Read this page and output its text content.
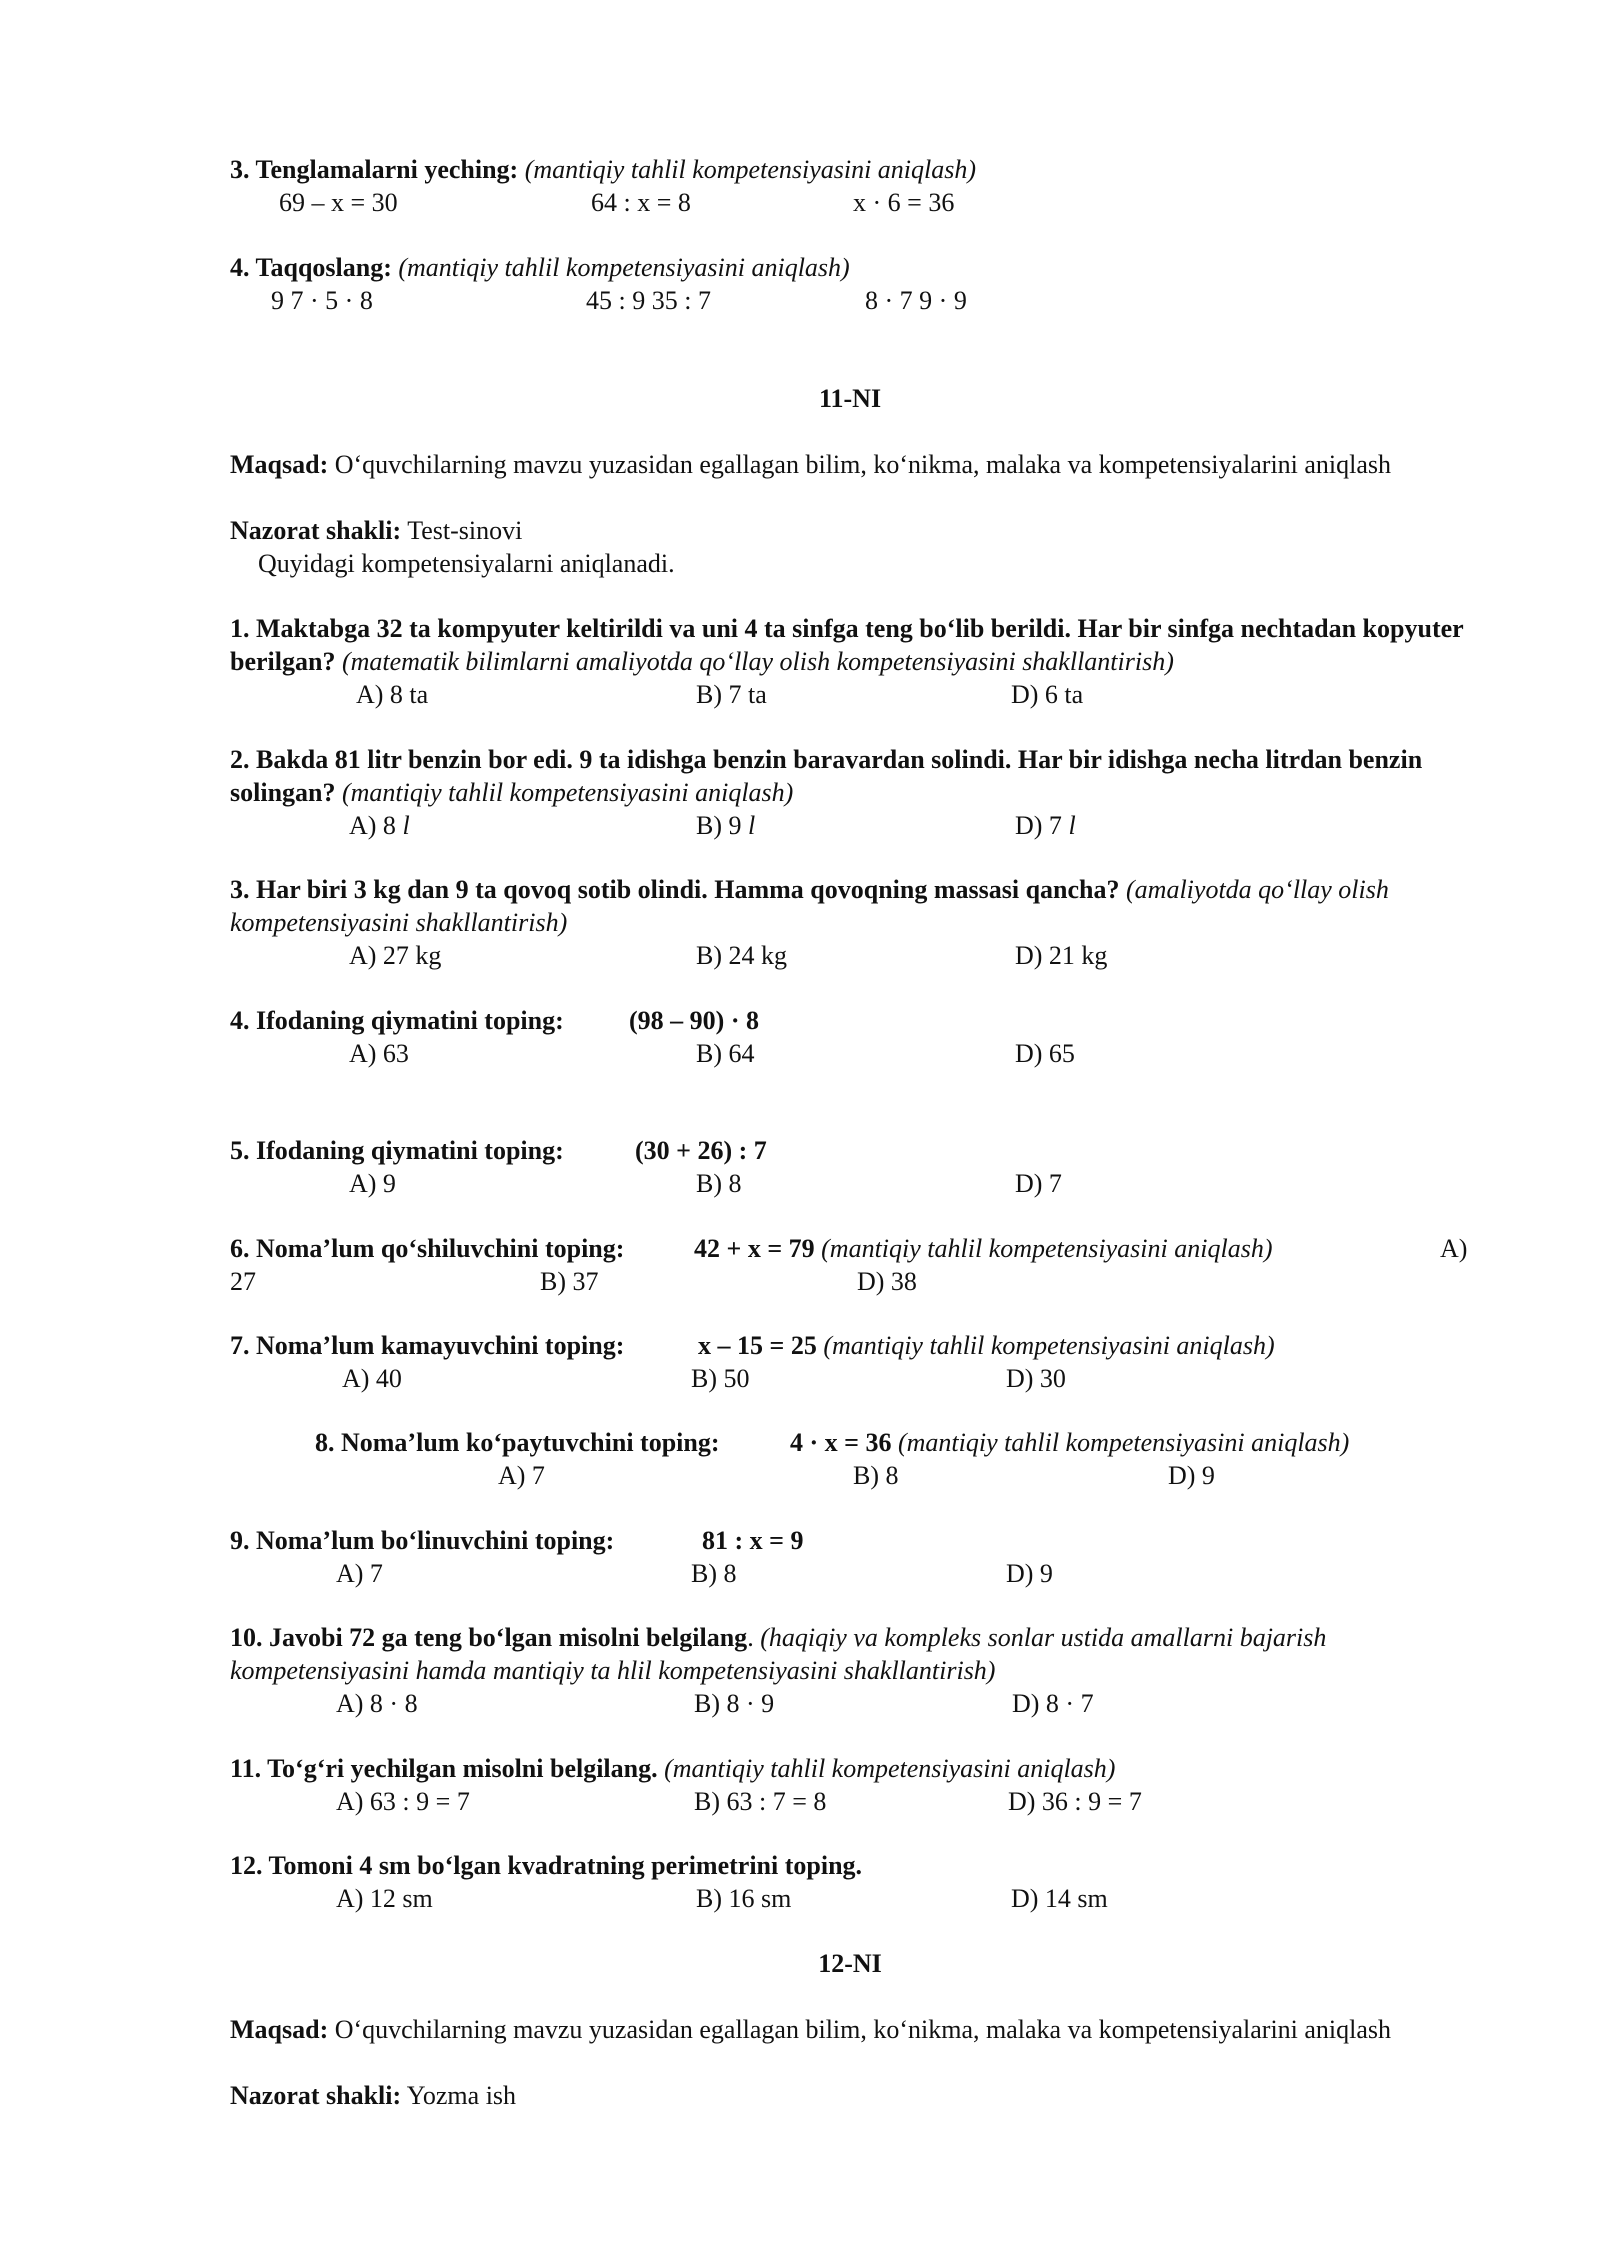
3. Tenglamalarni yeching: (mantiqiy tahlil kompetensiyasini aniqlash)
69 – x = 30	64 : x = 8	x · 6 = 36
4. Taqqoslang: (mantiqiy tahlil kompetensiyasini aniqlash)
9 7 · 5 · 8	45 : 9 35 : 7	8 · 7 9 · 9
11-NI
Maqsad: O‘quvchilarning mavzu yuzasidan egallagan bilim, ko‘nikma, malaka va kompetensiyalarini aniqlash
Nazorat shakli: Test-sinovi
Quyidagi kompetensiyalarni aniqlanadi.
1. Maktabga 32 ta kompyuter keltirildi va uni 4 ta sinfga teng bo‘lib berildi. Har bir sinfga nechtadan kopyuter berilgan? (matematik bilimlarni amaliyotda qo‘llay olish kompetensiyasini shakllantirish)
A) 8 ta	B) 7 ta	D) 6 ta
2. Bakda 81 litr benzin bor edi. 9 ta idishga benzin baravardan solindi. Har bir idishga necha litrdan benzin solingan? (mantiqiy tahlil kompetensiyasini aniqlash)
A) 8 l	B) 9 l	D) 7 l
3. Har biri 3 kg dan 9 ta qovoq sotib olindi. Hamma qovoqning massasi qancha? (amaliyotda qo‘llay olish kompetensiyasini shakllantirish)
A) 27 kg	B) 24 kg	D) 21 kg
4. Ifodaning qiymatini toping:	(98 – 90) · 8
A) 63	B) 64	D) 65
5. Ifodaning qiymatini toping:	(30 + 26) : 7
A) 9	B) 8	D) 7
6. Noma’lum qo‘shiluvchini toping:	42 + x = 79 (mantiqiy tahlil kompetensiyasini aniqlash)	A)
27	B) 37	D) 38
7. Noma’lum kamayuvchini toping:	x – 15 = 25 (mantiqiy tahlil kompetensiyasini aniqlash)
A) 40	B) 50	D) 30
8. Noma’lum ko‘paytuvchini toping:	4 · x = 36 (mantiqiy tahlil kompetensiyasini aniqlash)
A) 7	B) 8	D) 9
9. Noma’lum bo‘linuvchini toping:	81 : x = 9
A) 7	B) 8	D) 9
10. Javobi 72 ga teng bo‘lgan misolni belgilang. (haqiqiy va kompleks sonlar ustida amallarni bajarish kompetensiyasini hamda mantiqiy ta hlil kompetensiyasini shakllantirish)
A) 8 · 8	B) 8 · 9	D) 8 · 7
11. To‘g‘ri yechilgan misolni belgilang. (mantiqiy tahlil kompetensiyasini aniqlash)
A) 63 : 9 = 7	B) 63 : 7 = 8	D) 36 : 9 = 7
12. Tomoni 4 sm bo‘lgan kvadratning perimetrini toping.
A) 12 sm	B) 16 sm	D) 14 sm
12-NI
Maqsad: O‘quvchilarning mavzu yuzasidan egallagan bilim, ko‘nikma, malaka va kompetensiyalarini aniqlash
Nazorat shakli: Yozma ish
